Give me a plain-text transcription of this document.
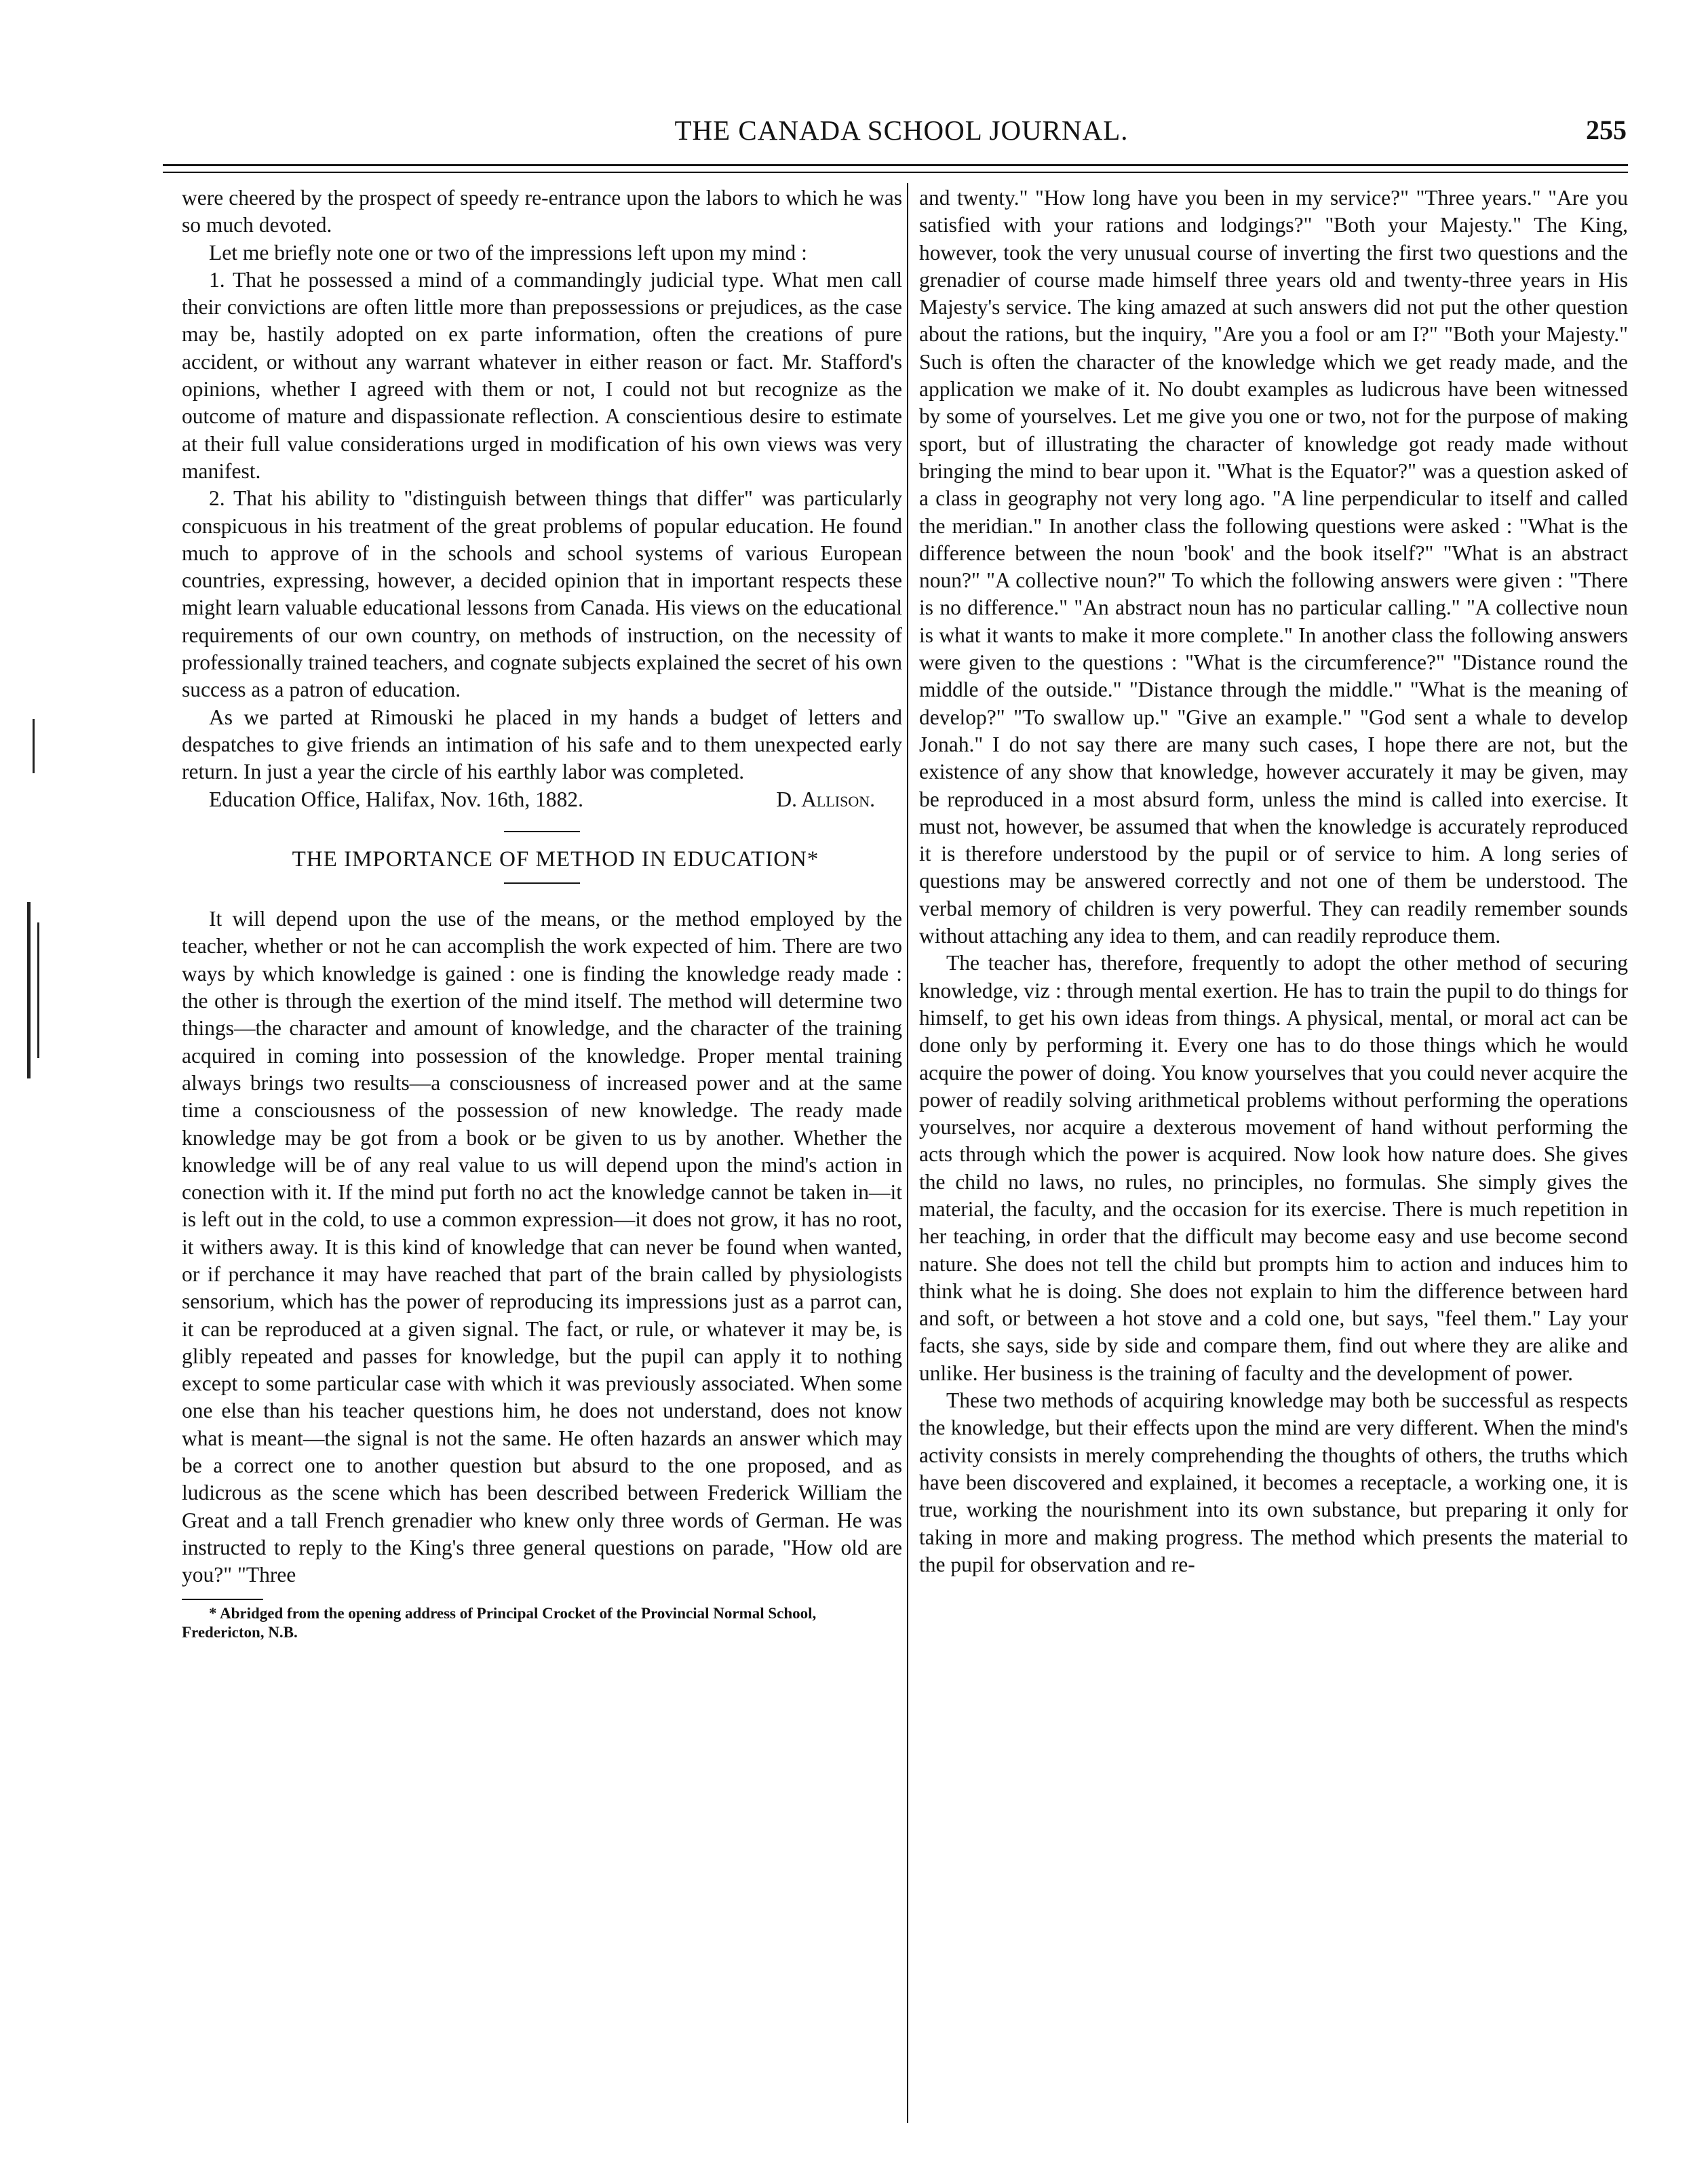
THE CANADA SCHOOL JOURNAL.	255

were cheered by the prospect of speedy re-entrance upon the labors to which he was so much devoted.

Let me briefly note one or two of the impressions left upon my mind :

1. That he possessed a mind of a commandingly judicial type. What men call their convictions are often little more than prepossessions or prejudices, as the case may be, hastily adopted on ex parte information, often the creations of pure accident, or without any warrant whatever in either reason or fact. Mr. Stafford's opinions, whether I agreed with them or not, I could not but recognize as the outcome of mature and dispassionate reflection. A conscientious desire to estimate at their full value considerations urged in modification of his own views was very manifest.

2. That his ability to "distinguish between things that differ" was particularly conspicuous in his treatment of the great problems of popular education. He found much to approve of in the schools and school systems of various European countries, expressing, however, a decided opinion that in important respects these might learn valuable educational lessons from Canada. His views on the educational requirements of our own country, on methods of instruction, on the necessity of professionally trained teachers, and cognate subjects explained the secret of his own success as a patron of education.

As we parted at Rimouski he placed in my hands a budget of letters and despatches to give friends an intimation of his safe and to them unexpected early return. In just a year the circle of his earthly labor was completed.

Education Office, Halifax, Nov. 16th, 1882.	D. Allison.

THE IMPORTANCE OF METHOD IN EDUCATION*

It will depend upon the use of the means, or the method employed by the teacher, whether or not he can accomplish the work expected of him. There are two ways by which knowledge is gained : one is finding the knowledge ready made : the other is through the exertion of the mind itself. The method will determine two things—the character and amount of knowledge, and the character of the training acquired in coming into possession of the knowledge. Proper mental training always brings two results—a consciousness of increased power and at the same time a consciousness of the possession of new knowledge. The ready made knowledge may be got from a book or be given to us by another. Whether the knowledge will be of any real value to us will depend upon the mind's action in conection with it. If the mind put forth no act the knowledge cannot be taken in—it is left out in the cold, to use a common expression—it does not grow, it has no root, it withers away. It is this kind of knowledge that can never be found when wanted, or if perchance it may have reached that part of the brain called by physiologists sensorium, which has the power of reproducing its impressions just as a parrot can, it can be reproduced at a given signal. The fact, or rule, or whatever it may be, is glibly repeated and passes for knowledge, but the pupil can apply it to nothing except to some particular case with which it was previously associated. When some one else than his teacher questions him, he does not understand, does not know what is meant—the signal is not the same. He often hazards an answer which may be a correct one to another question but absurd to the one proposed, and as ludicrous as the scene which has been described between Frederick William the Great and a tall French grenadier who knew only three words of German. He was instructed to reply to the King's three general questions on parade, "How old are you?" "Three

* Abridged from the opening address of Principal Crocket of the Provincial Normal School, Fredericton, N.B.

and twenty." "How long have you been in my service?" "Three years." "Are you satisfied with your rations and lodgings?" "Both your Majesty." The King, however, took the very unusual course of inverting the first two questions and the grenadier of course made himself three years old and twenty-three years in His Majesty's service. The king amazed at such answers did not put the other question about the rations, but the inquiry, "Are you a fool or am I?" "Both your Majesty." Such is often the character of the knowledge which we get ready made, and the application we make of it. No doubt examples as ludicrous have been witnessed by some of yourselves. Let me give you one or two, not for the purpose of making sport, but of illustrating the character of knowledge got ready made without bringing the mind to bear upon it. "What is the Equator?" was a question asked of a class in geography not very long ago. "A line perpendicular to itself and called the meridian." In another class the following questions were asked : "What is the difference between the noun 'book' and the book itself?" "What is an abstract noun?" "A collective noun?" To which the following answers were given : "There is no difference." "An abstract noun has no particular calling." "A collective noun is what it wants to make it more complete." In another class the following answers were given to the questions : "What is the circumference?" "Distance round the middle of the outside." "Distance through the middle." "What is the meaning of develop?" "To swallow up." "Give an example." "God sent a whale to develop Jonah." I do not say there are many such cases, I hope there are not, but the existence of any show that knowledge, however accurately it may be given, may be reproduced in a most absurd form, unless the mind is called into exercise. It must not, however, be assumed that when the knowledge is accurately reproduced it is therefore understood by the pupil or of service to him. A long series of questions may be answered correctly and not one of them be understood. The verbal memory of children is very powerful. They can readily remember sounds without attaching any idea to them, and can readily reproduce them.

The teacher has, therefore, frequently to adopt the other method of securing knowledge, viz : through mental exertion. He has to train the pupil to do things for himself, to get his own ideas from things. A physical, mental, or moral act can be done only by performing it. Every one has to do those things which he would acquire the power of doing. You know yourselves that you could never acquire the power of readily solving arithmetical problems without performing the operations yourselves, nor acquire a dexterous movement of hand without performing the acts through which the power is acquired. Now look how nature does. She gives the child no laws, no rules, no principles, no formulas. She simply gives the material, the faculty, and the occasion for its exercise. There is much repetition in her teaching, in order that the difficult may become easy and use become second nature. She does not tell the child but prompts him to action and induces him to think what he is doing. She does not explain to him the difference between hard and soft, or between a hot stove and a cold one, but says, "feel them." Lay your facts, she says, side by side and compare them, find out where they are alike and unlike. Her business is the training of faculty and the development of power.

These two methods of acquiring knowledge may both be successful as respects the knowledge, but their effects upon the mind are very different. When the mind's activity consists in merely comprehending the thoughts of others, the truths which have been discovered and explained, it becomes a receptacle, a working one, it is true, working the nourishment into its own substance, but preparing it only for taking in more and making progress. The method which presents the material to the pupil for observation and re-
